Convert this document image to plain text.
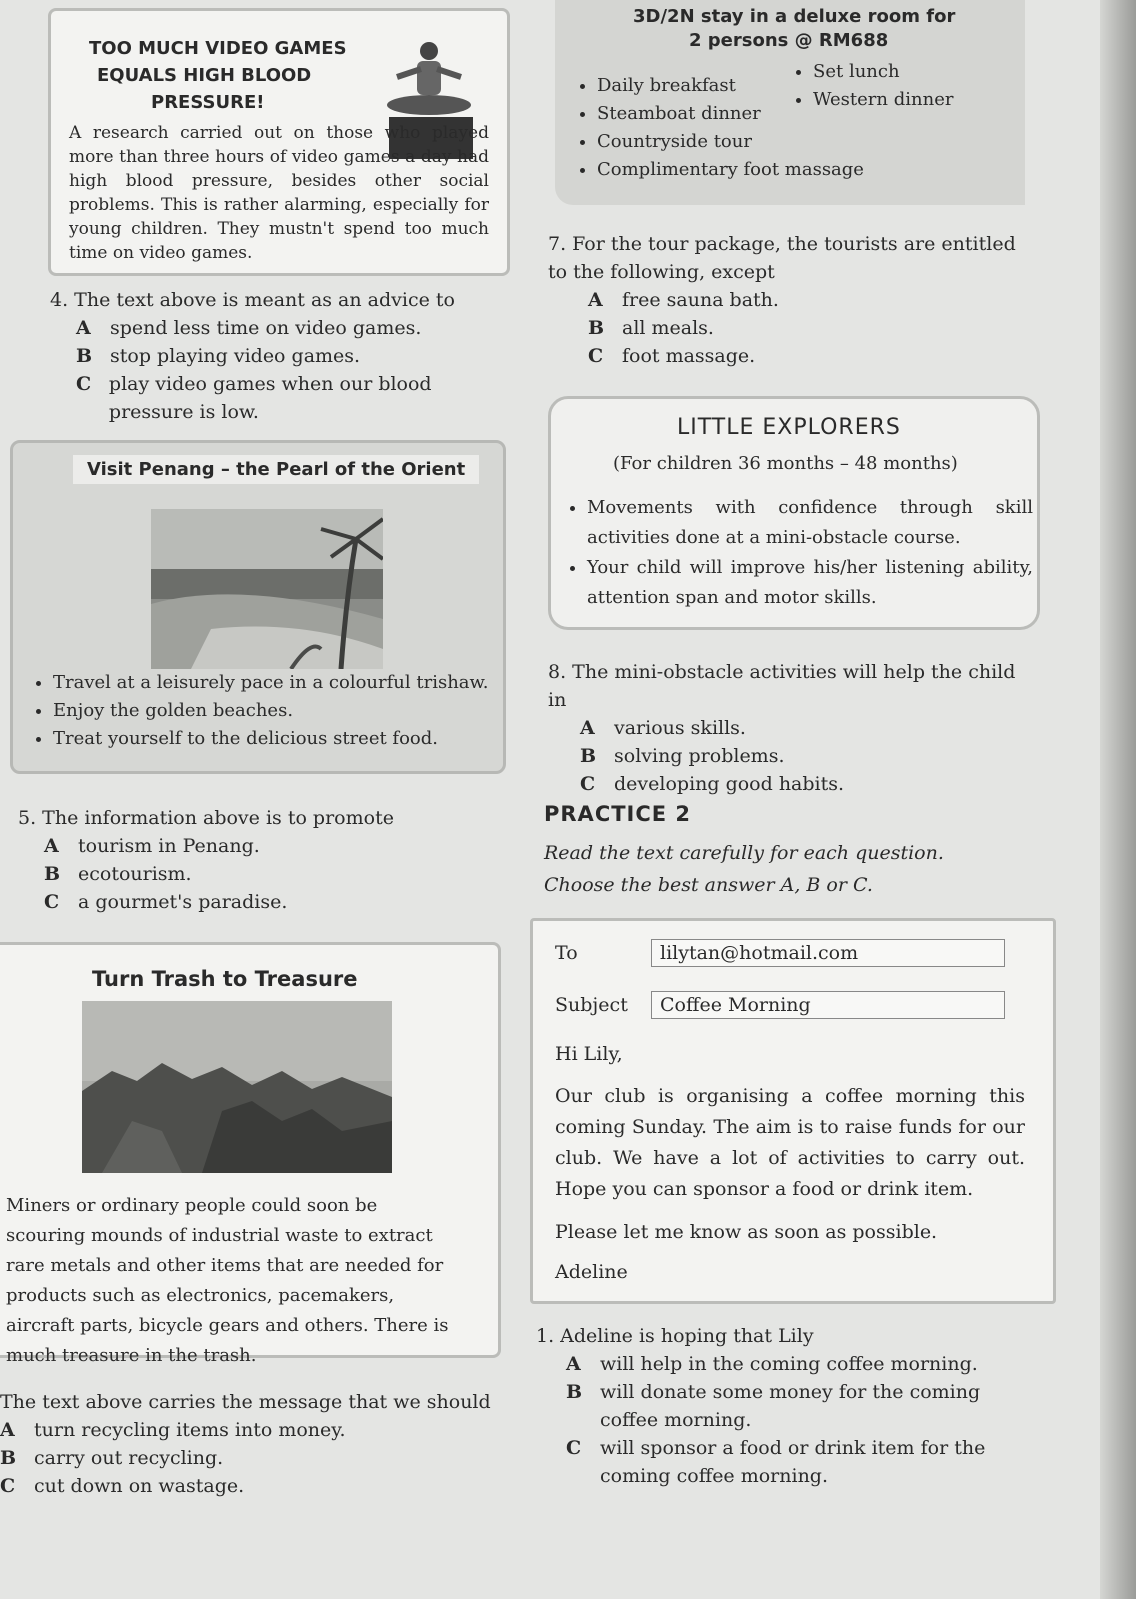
TOO MUCH VIDEO GAMES
EQUALS HIGH BLOOD
PRESSURE!
A research carried out on those who played more than three hours of video games a day had high blood pressure, besides other social problems. This is rather alarming, especially for young children. They mustn't spend too much time on video games.
4. The text above is meant as an advice to
A	spend less time on video games.
B stop playing video games.
C play video games when our blood pressure is low.
3D/2N stay in a deluxe room for
2 persons @ RM688
• Daily breakfast
• Steamboat dinner
• Countryside tour
• Complimentary foot massage
• Set lunch
• Western dinner
7. For the tour package, the tourists are entitled to the following, except
A	free sauna bath.
B all meals.
C foot massage.
Visit Penang – the Pearl of the Orient
• Travel at a leisurely pace in a colourful trishaw.
• Enjoy the golden beaches.
• Treat yourself to the delicious street food.
LITTLE EXPLORERS
(For children 36 months – 48 months)
• Movements with confidence through skill activities done at a mini-obstacle course.
• Your child will improve his/her listening ability, attention span and motor skills.
8. The mini-obstacle activities will help the child in
A	various skills.
B solving problems.
C developing good habits.
5. The information above is to promote
A	tourism in Penang.
B ecotourism.
C a gourmet's paradise.
PRACTICE 2
Read the text carefully for each question.
Choose the best answer A, B or C.
Turn Trash to Treasure
Miners or ordinary people could soon be scouring mounds of industrial waste to extract rare metals and other items that are needed for products such as electronics, pacemakers, aircraft parts, bicycle gears and others. There is much treasure in the trash.
To	lilytan@hotmail.com
Subject	Coffee Morning
Hi Lily,
Our club is organising a coffee morning this coming Sunday. The aim is to raise funds for our club. We have a lot of activities to carry out. Hope you can sponsor a food or drink item.
Please let me know as soon as possible.
Adeline
The text above carries the message that we should
A	turn recycling items into money.
B carry out recycling.
C cut down on wastage.
1. Adeline is hoping that Lily
A	will help in the coming coffee morning.
B will donate some money for the coming coffee morning.
C will sponsor a food or drink item for the coming coffee morning.
